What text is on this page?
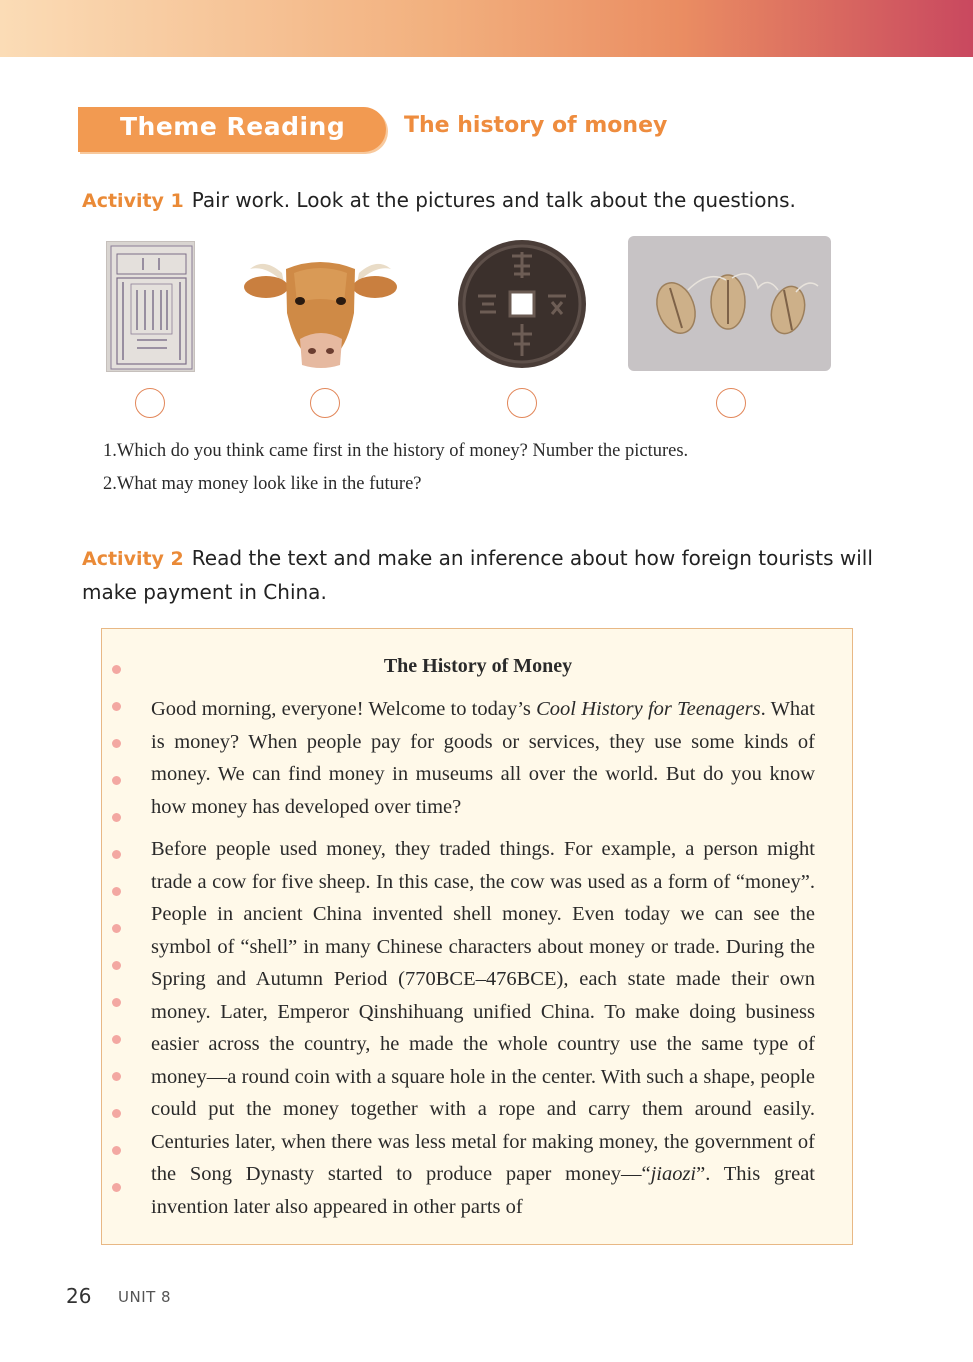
Theme Reading	The history of money
Activity 1 Pair work. Look at the pictures and talk about the questions.
1.Which do you think came first in the history of money? Number the pictures.
2.What may money look like in the future?
Activity 2 Read the text and make an inference about how foreign tourists will make payment in China.
The History of Money

Good morning, everyone! Welcome to today’s Cool History for Teenagers. What is money? When people pay for goods or services, they use some kinds of money. We can find money in museums all over the world. But do you know how money has developed over time?

Before people used money, they traded things. For example, a person might trade a cow for five sheep. In this case, the cow was used as a form of “money”. People in ancient China invented shell money. Even today we can see the symbol of “shell” in many Chinese characters about money or trade. During the Spring and Autumn Period (770BCE–476BCE), each state made their own money. Later, Emperor Qinshihuang unified China. To make doing business easier across the country, he made the whole country use the same type of money—a round coin with a square hole in the center. With such a shape, people could put the money together with a rope and carry them around easily. Centuries later, when there was less metal for making money, the government of the Song Dynasty started to produce paper money—“jiaozi”. This great invention later also appeared in other parts of

26 UNIT 8
